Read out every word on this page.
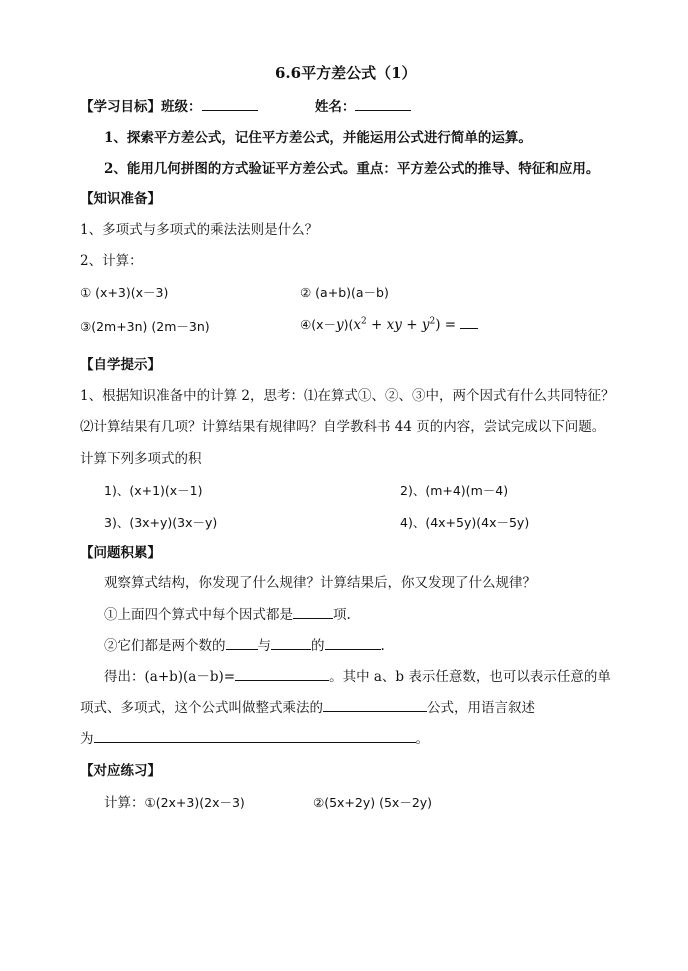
6.6平方差公式（1）
【学习目标】班级：	姓名：
1、探索平方差公式，记住平方差公式，并能运用公式进行简单的运算。
2、能用几何拼图的方式验证平方差公式。重点：平方差公式的推导、特征和应用。
【知识准备】
1、多项式与多项式的乘法法则是什么？
2、计算：
① (x+3)(x－3)	② (a+b)(a－b)
③(2m+3n) (2m－3n)	$④(x-y)(x^2$ + xy + $y^2$) =
【自学提示】
1、根据知识准备中的计算 2，思考：⑴在算式①、②、③中，两个因式有什么共同特征？
⑵计算结果有几项？计算结果有规律吗？自学教科书 44 页的内容，尝试完成以下问题。
计算下列多项式的积
1)、(x+1)(x－1)	2)、(m+4)(m－4)
3)、(3x+y)(3x－y)	4)、(4x+5y)(4x－5y)
【问题积累】
观察算式结构，你发现了什么规律？计算结果后，你又发现了什么规律？
①上面四个算式中每个因式都是	项.
②它们都是两个数的 与	的	.
得出：(a+b)(a－b)=	。其中 a、b 表示任意数，也可以表示任意的单
项式、多项式，这个公式叫做整式乘法的	公式，用语言叙述
为	。
【对应练习】
计算：①(2x+3)(2x－3)	②(5x+2y) (5x－2y)
